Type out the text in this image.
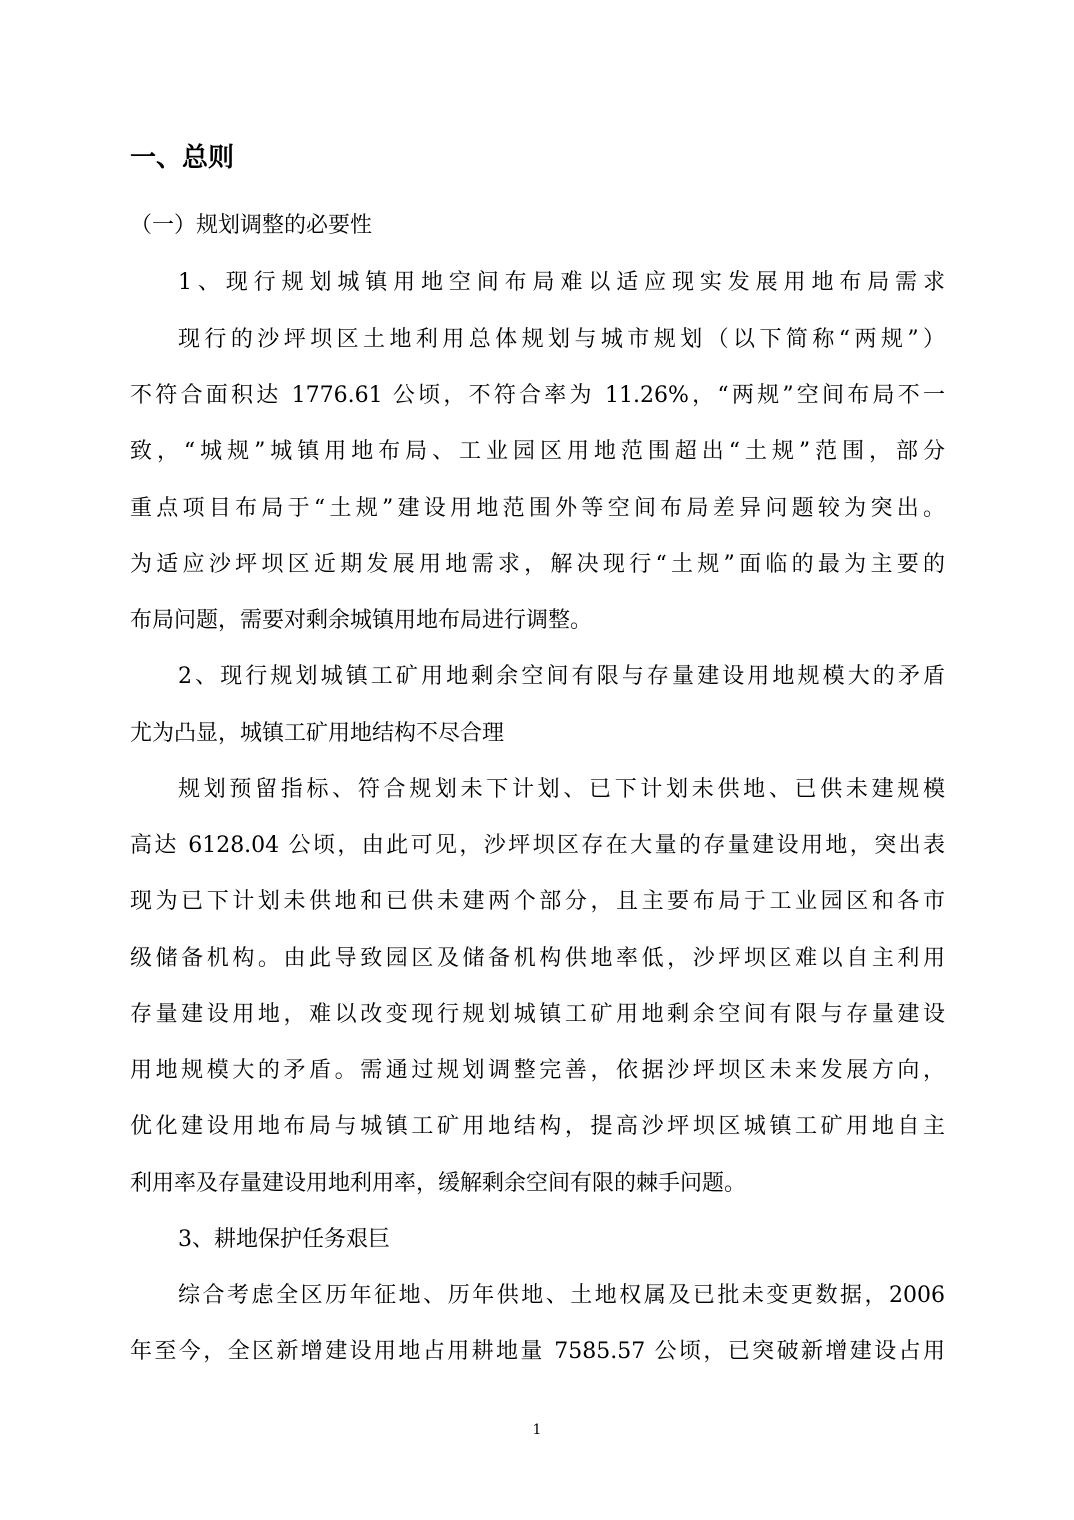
一、总则
（一）规划调整的必要性
1、现行规划城镇用地空间布局难以适应现实发展用地布局需求
现行的沙坪坝区土地利用总体规划与城市规划（以下简称“两规”）
不符合面积达 1776.61 公顷，不符合率为 11.26%，“两规”空间布局不一
致，“城规”城镇用地布局、工业园区用地范围超出“土规”范围，部分
重点项目布局于“土规”建设用地范围外等空间布局差异问题较为突出。
为适应沙坪坝区近期发展用地需求，解决现行“土规”面临的最为主要的
布局问题，需要对剩余城镇用地布局进行调整。
2、现行规划城镇工矿用地剩余空间有限与存量建设用地规模大的矛盾
尤为凸显，城镇工矿用地结构不尽合理
规划预留指标、符合规划未下计划、已下计划未供地、已供未建规模
高达 6128.04 公顷，由此可见，沙坪坝区存在大量的存量建设用地，突出表
现为已下计划未供地和已供未建两个部分，且主要布局于工业园区和各市
级储备机构。由此导致园区及储备机构供地率低，沙坪坝区难以自主利用
存量建设用地，难以改变现行规划城镇工矿用地剩余空间有限与存量建设
用地规模大的矛盾。需通过规划调整完善，依据沙坪坝区未来发展方向，
优化建设用地布局与城镇工矿用地结构，提高沙坪坝区城镇工矿用地自主
利用率及存量建设用地利用率，缓解剩余空间有限的棘手问题。
3、耕地保护任务艰巨
综合考虑全区历年征地、历年供地、土地权属及已批未变更数据，2006
年至今，全区新增建设用地占用耕地量 7585.57 公顷，已突破新增建设占用
1
